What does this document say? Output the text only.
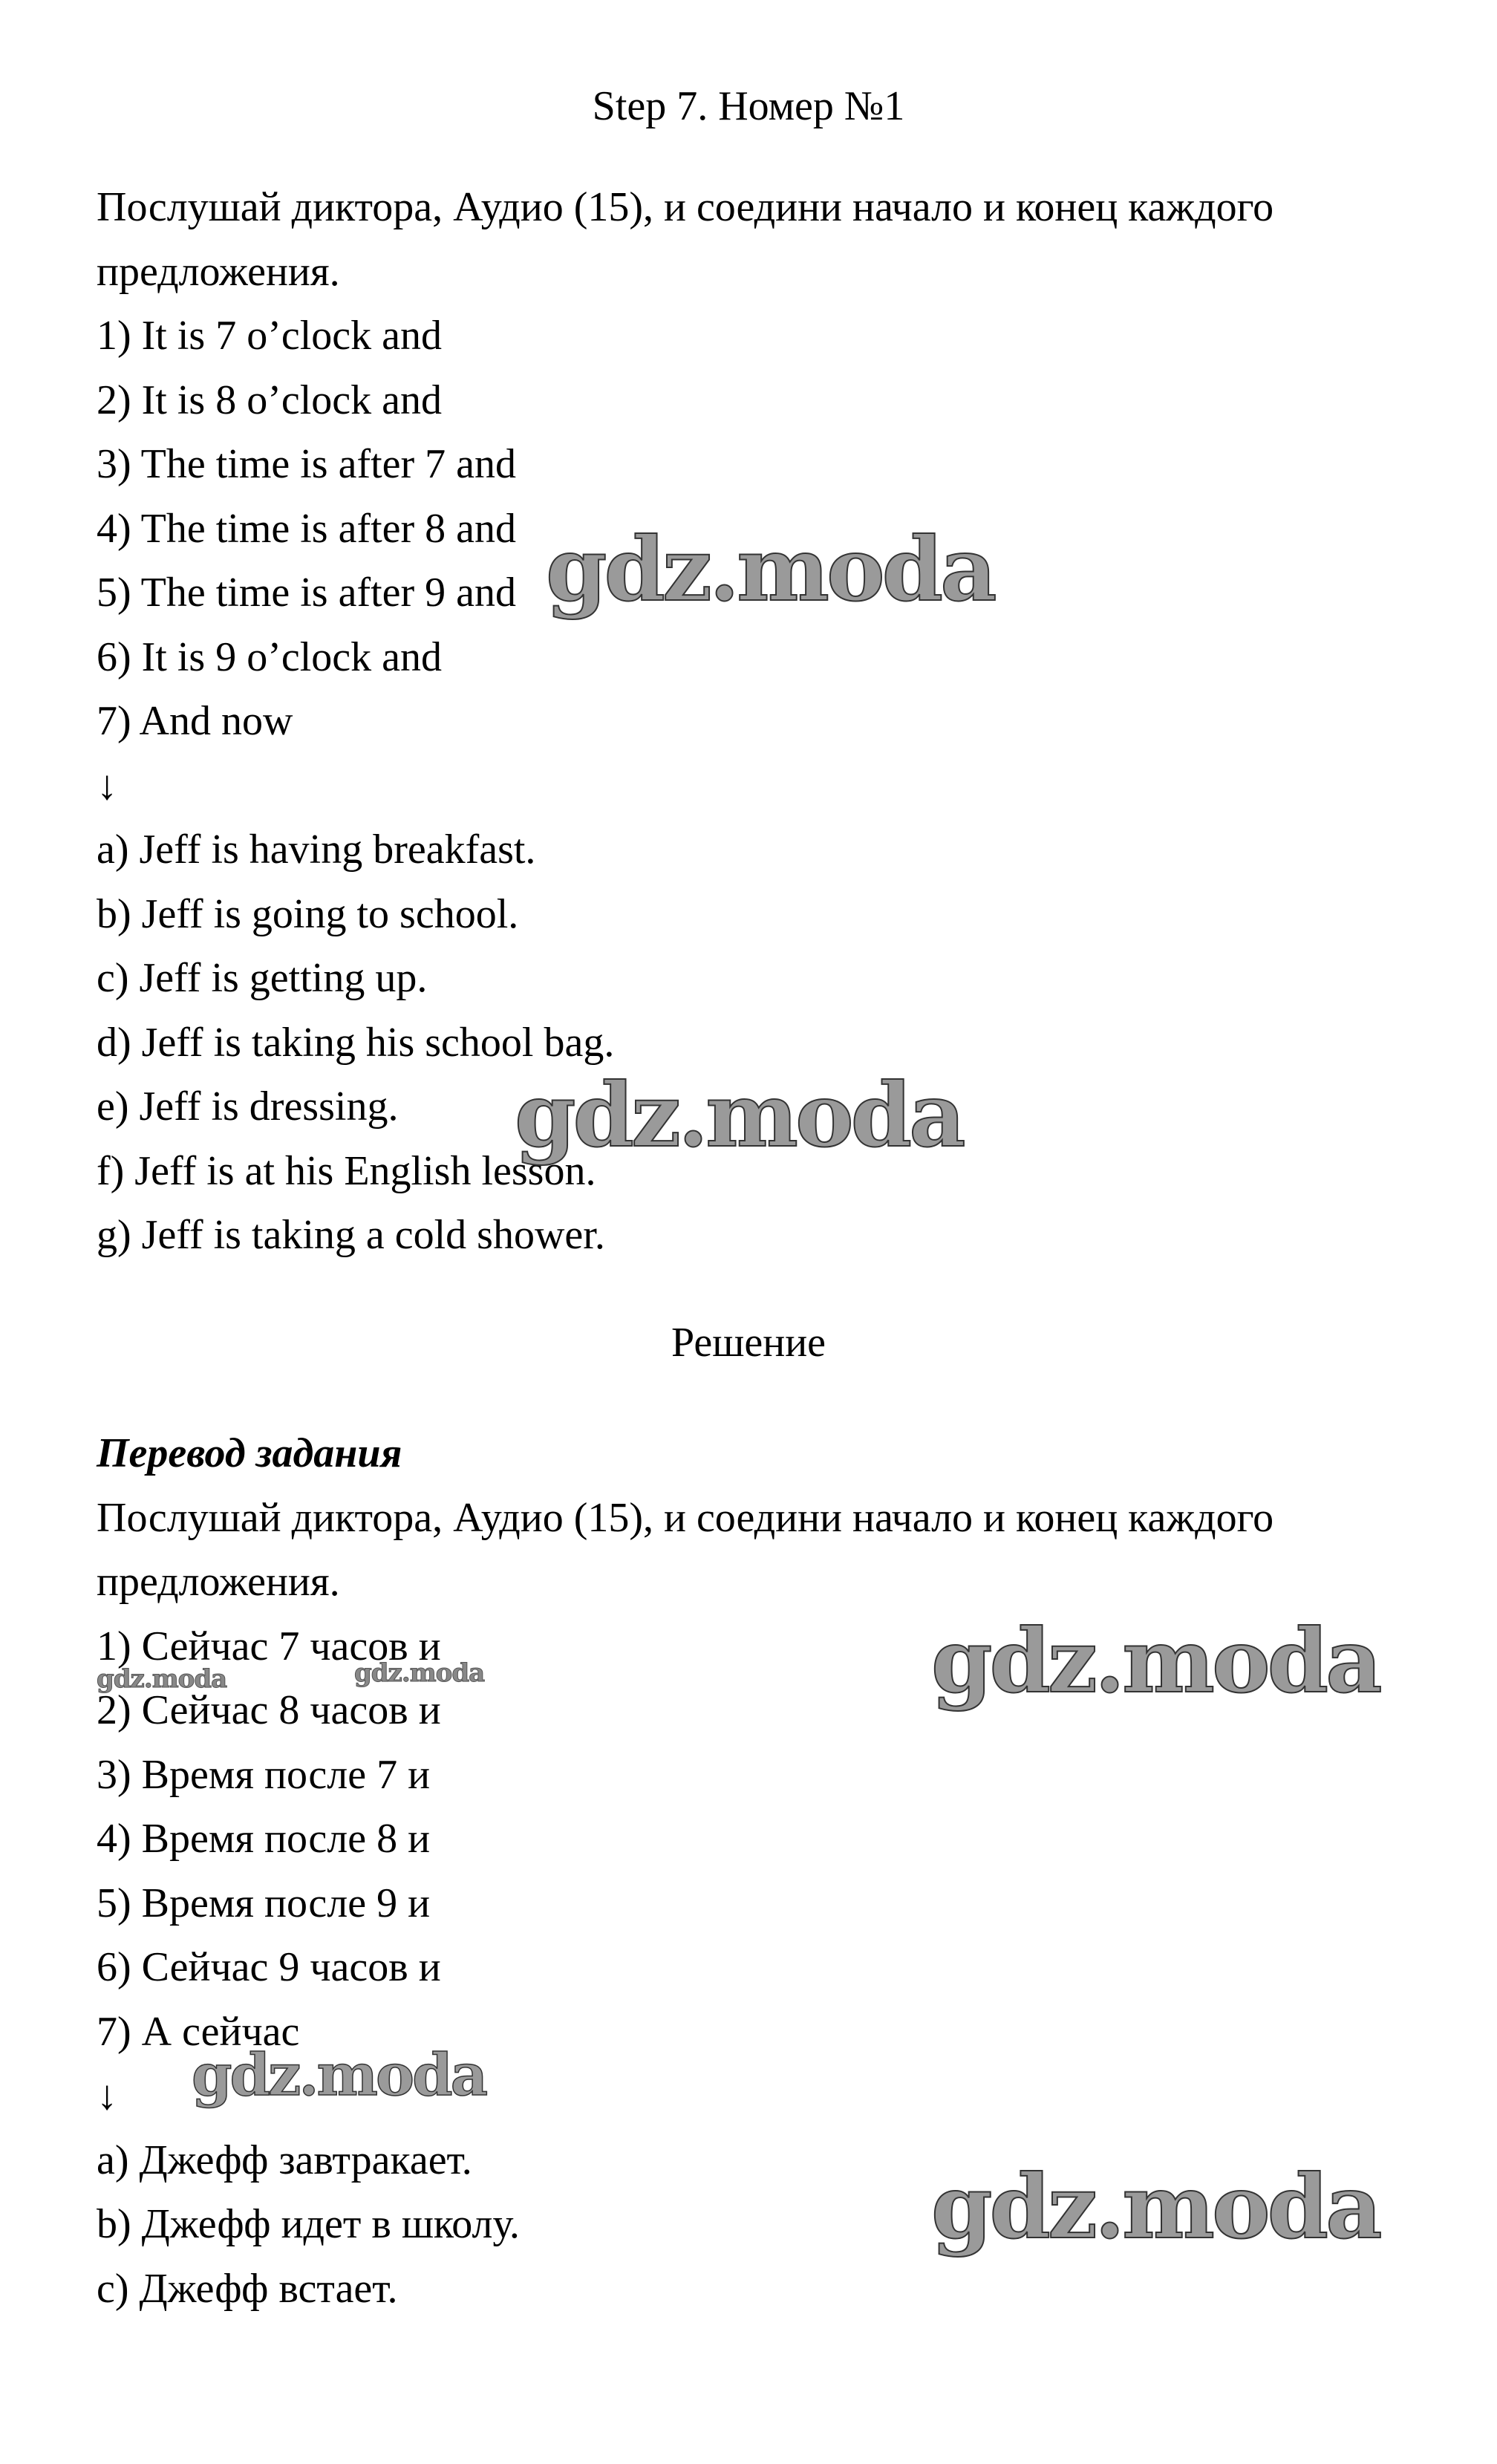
Step 7. Номер №1
Послушай диктора, Аудио (15), и соедини начало и конец каждого предложения.
1) It is 7 o’clock and
2) It is 8 o’clock and
3) The time is after 7 and
4) The time is after 8 and
5) The time is after 9 and
6) It is 9 o’clock and
7) And now
↓
a) Jeff is having breakfast.
b) Jeff is going to school.
c) Jeff is getting up.
d) Jeff is taking his school bag.
e) Jeff is dressing.
f) Jeff is at his English lesson.
g) Jeff is taking a cold shower.
Решение
Перевод задания
Послушай диктора, Аудио (15), и соедини начало и конец каждого предложения.
1) Сейчас 7 часов и
2) Сейчас 8 часов и
3) Время после 7 и
4) Время после 8 и
5) Время после 9 и
6) Сейчас 9 часов и
7) А сейчас
↓
a) Джефф завтракает.
b) Джефф идет в школу.
c) Джефф встает.
gdz.moda
gdz.moda
gdz.moda
gdz.moda
gdz.moda
gdz.moda	gdz.moda
